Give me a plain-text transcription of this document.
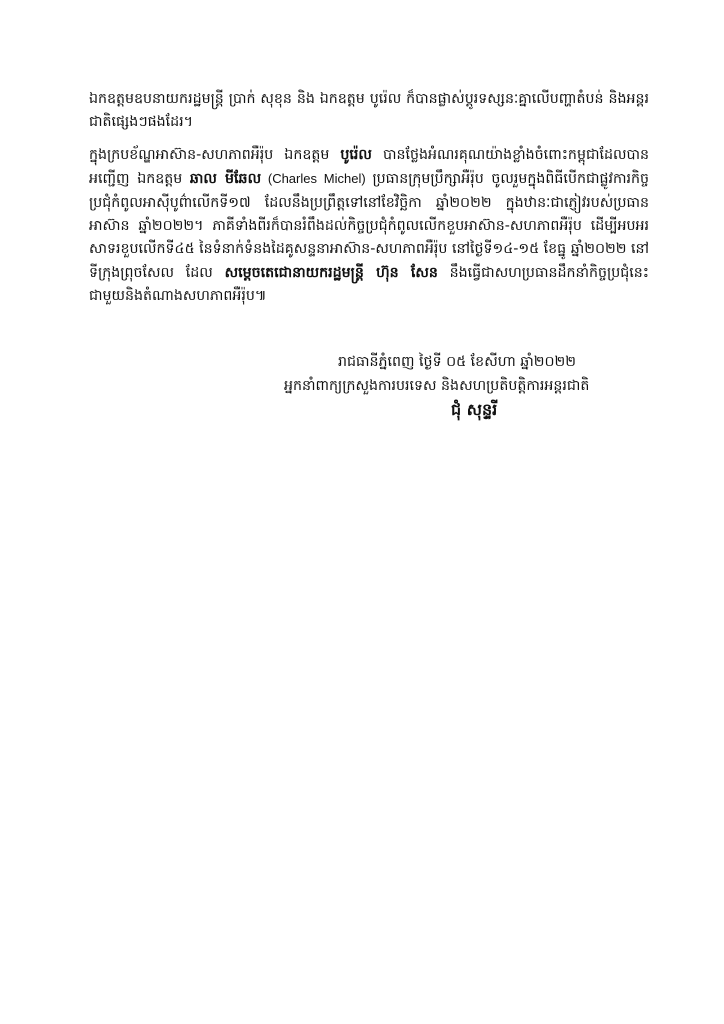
ឯកឧត្តមឧបនាយករដ្ឋមន្ត្រី ប្រាក់ សុខុន និង ឯកឧត្តម បូរ៉េល ក៏បានផ្លាស់ប្តូរទស្សនៈគ្នាលើបញ្ហាតំបន់ និងអន្តរជាតិផ្សេងៗផងដែរ។

ក្នុងក្របខ័ណ្ឌអាស៊ាន-សហភាពអឺរ៉ុប ឯកឧត្តម បូរ៉េល បានថ្លែងអំណរគុណយ៉ាងខ្លាំងចំពោះកម្ពុជាដែលបានអញ្ជើញ ឯកឧត្តម ឆាល មីឆែល (Charles Michel) ប្រធានក្រុមប្រឹក្សាអឺរ៉ុប ចូលរួមក្នុងពិធីបើកជាផ្លូវការកិច្ចប្រជុំកំពូលអាស៊ីបូព៌ាលើកទី១៧ ដែលនឹងប្រព្រឹត្តទៅនៅខែវិច្ឆិកា ឆ្នាំ២០២២ ក្នុងឋានៈជាភ្ញៀវរបស់ប្រធានអាស៊ាន ឆ្នាំ២០២២។ ភាគីទាំងពីរក៏បានរំពឹងដល់កិច្ចប្រជុំកំពូលលើកខួបអាស៊ាន-សហភាពអឺរ៉ុប ដើម្បីអបអរសាទរខួបលើកទី៤៥ នៃទំនាក់ទំនងដៃគូសន្ទនាអាស៊ាន-សហភាពអឺរ៉ុប នៅថ្ងៃទី១៤-១៥ ខែធ្នូ ឆ្នាំ២០២២ នៅទីក្រុងព្រុចសែល ដែល សម្តេចតេជោនាយករដ្ឋមន្ត្រី ហ៊ុន សែន នឹងធ្វើជាសហប្រធានដឹកនាំកិច្ចប្រជុំនេះជាមួយនិងតំណាងសហភាពអឺរ៉ុប៕

រាជធានីភ្នំពេញ ថ្ងៃទី ០៥ ខែសីហា ឆ្នាំ២០២២
អ្នកនាំពាក្យក្រសួងការបរទេស និងសហប្រតិបត្តិការអន្តរជាតិ
ជុំ សុន្ទរី
